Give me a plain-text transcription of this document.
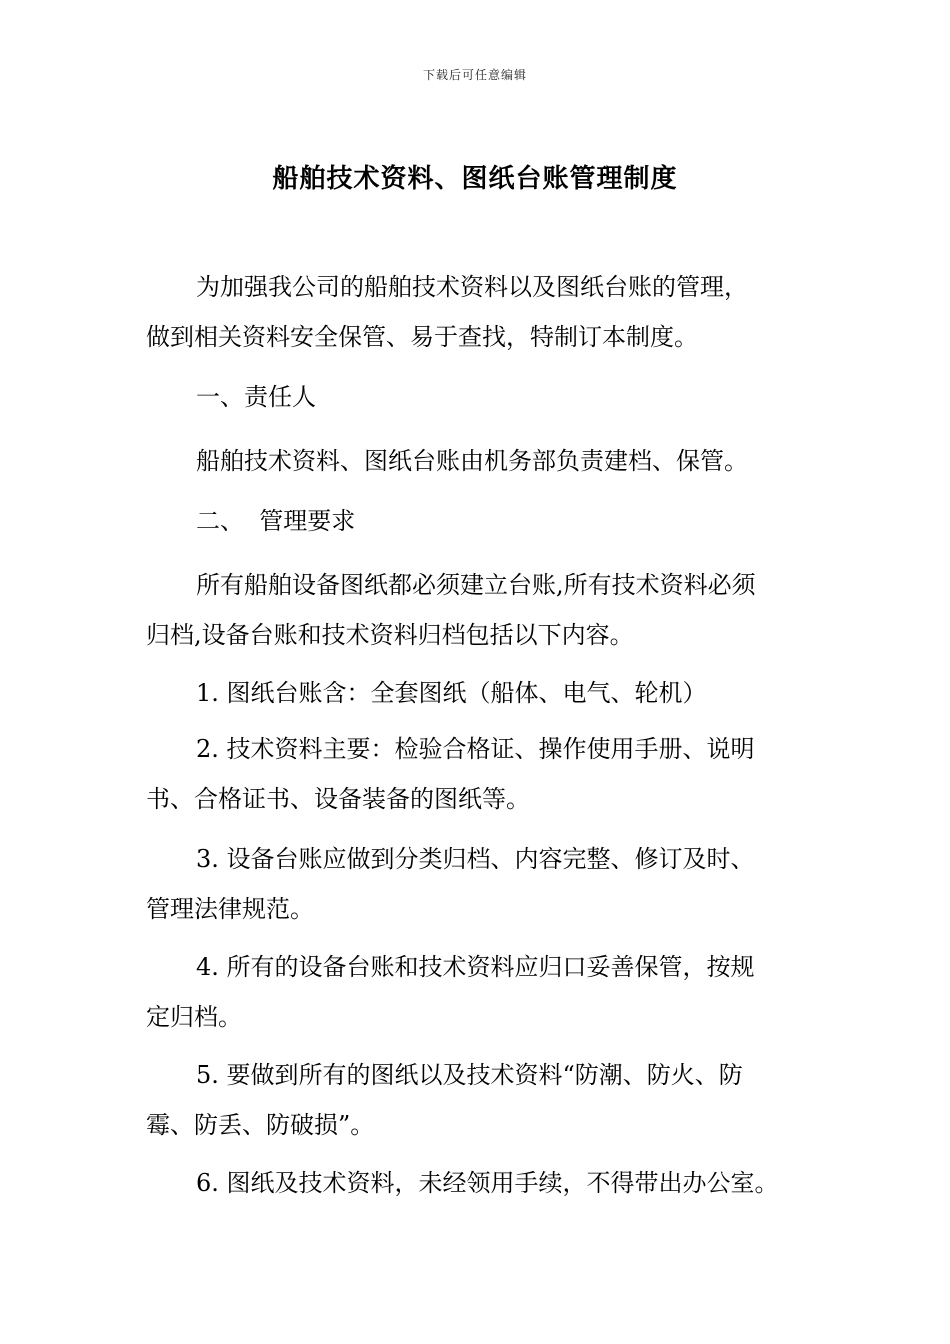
下载后可任意编辑
船舶技术资料、图纸台账管理制度

为加强我公司的船舶技术资料以及图纸台账的管理，
做到相关资料安全保管、易于查找，特制订本制度。

一、责任人

船舶技术资料、图纸台账由机务部负责建档、保管。

二、  管理要求

所有船舶设备图纸都必须建立台账,所有技术资料必须
归档,设备台账和技术资料归档包括以下内容。

1. 图纸台账含：全套图纸（船体、电气、轮机）

2. 技术资料主要：检验合格证、操作使用手册、说明
书、合格证书、设备装备的图纸等。

3. 设备台账应做到分类归档、内容完整、修订及时、
管理法律规范。

4. 所有的设备台账和技术资料应归口妥善保管，按规
定归档。

5. 要做到所有的图纸以及技术资料“防潮、防火、防
霉、防丢、防破损”。

6. 图纸及技术资料，未经领用手续，不得带出办公室。
